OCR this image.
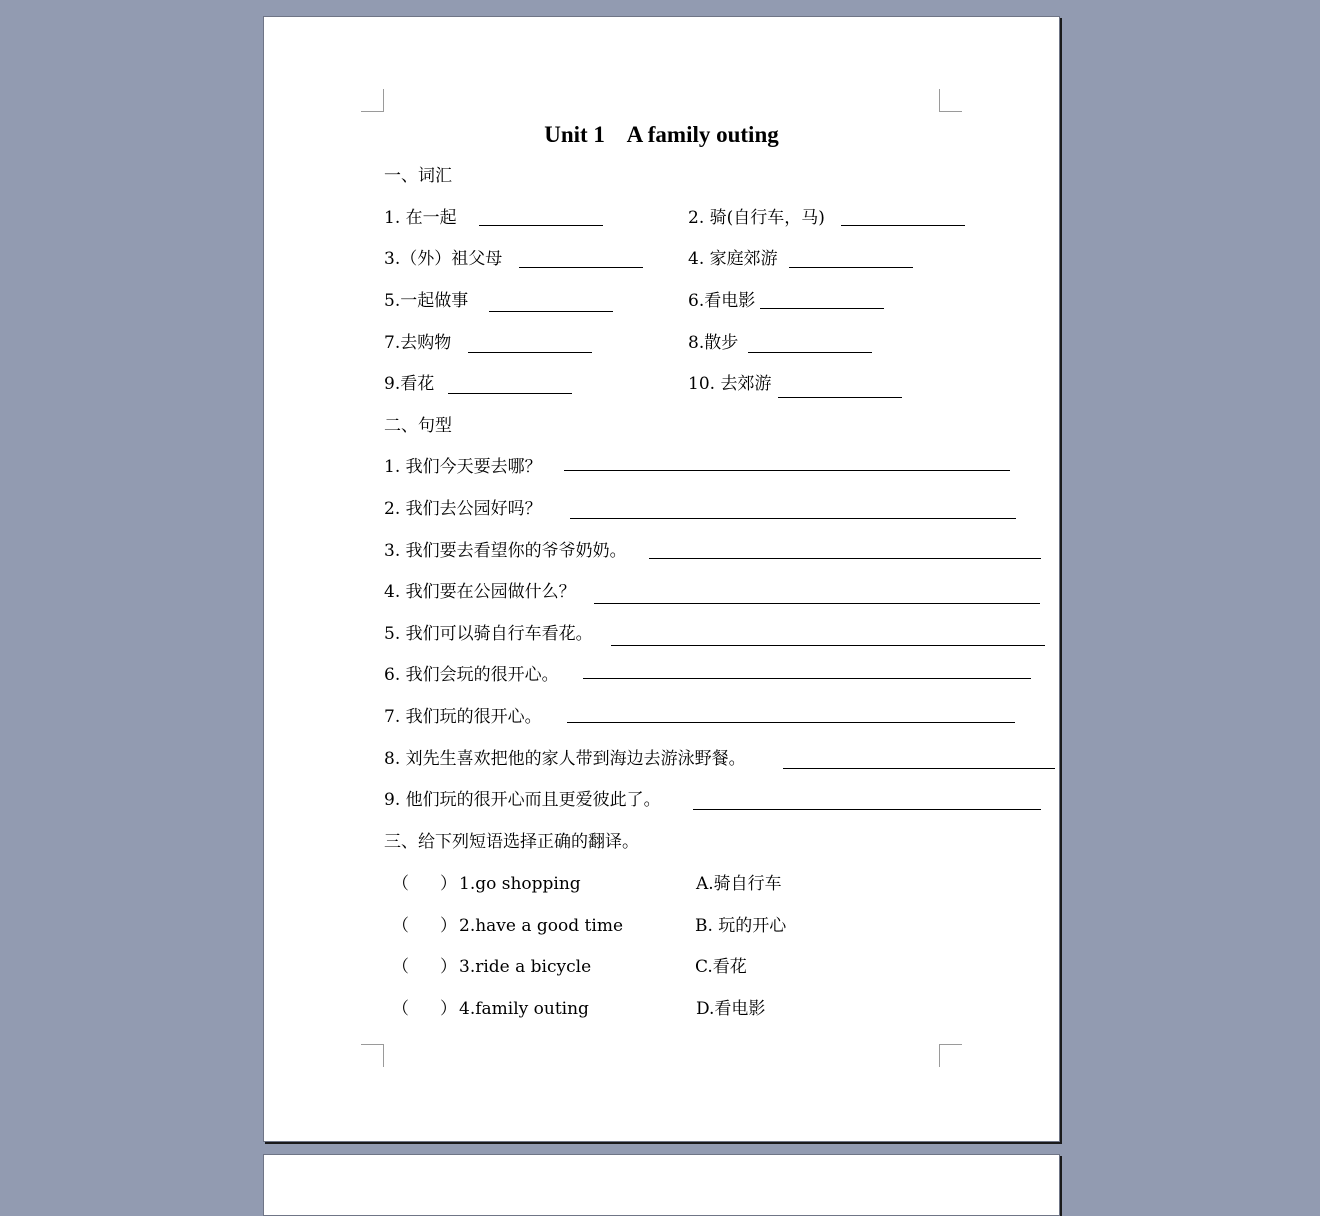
Unit 1    A family outing
一、词汇
1. 在一起	2. 骑(自行车，马)
3.（外）祖父母	4. 家庭郊游
5.一起做事	6.看电影
7.去购物	8.散步
9.看花	10. 去郊游
二、句型
1. 我们今天要去哪？
2. 我们去公园好吗？
3. 我们要去看望你的爷爷奶奶。
4. 我们要在公园做什么？
5. 我们可以骑自行车看花。
6. 我们会玩的很开心。
7. 我们玩的很开心。
8. 刘先生喜欢把他的家人带到海边去游泳野餐。
9. 他们玩的很开心而且更爱彼此了。
三、给下列短语选择正确的翻译。
（ ） 1.go shopping	A.骑自行车
（ ） 2.have a good time	B. 玩的开心
（ ） 3.ride a bicycle	C.看花
（ ） 4.family outing	D.看电影
